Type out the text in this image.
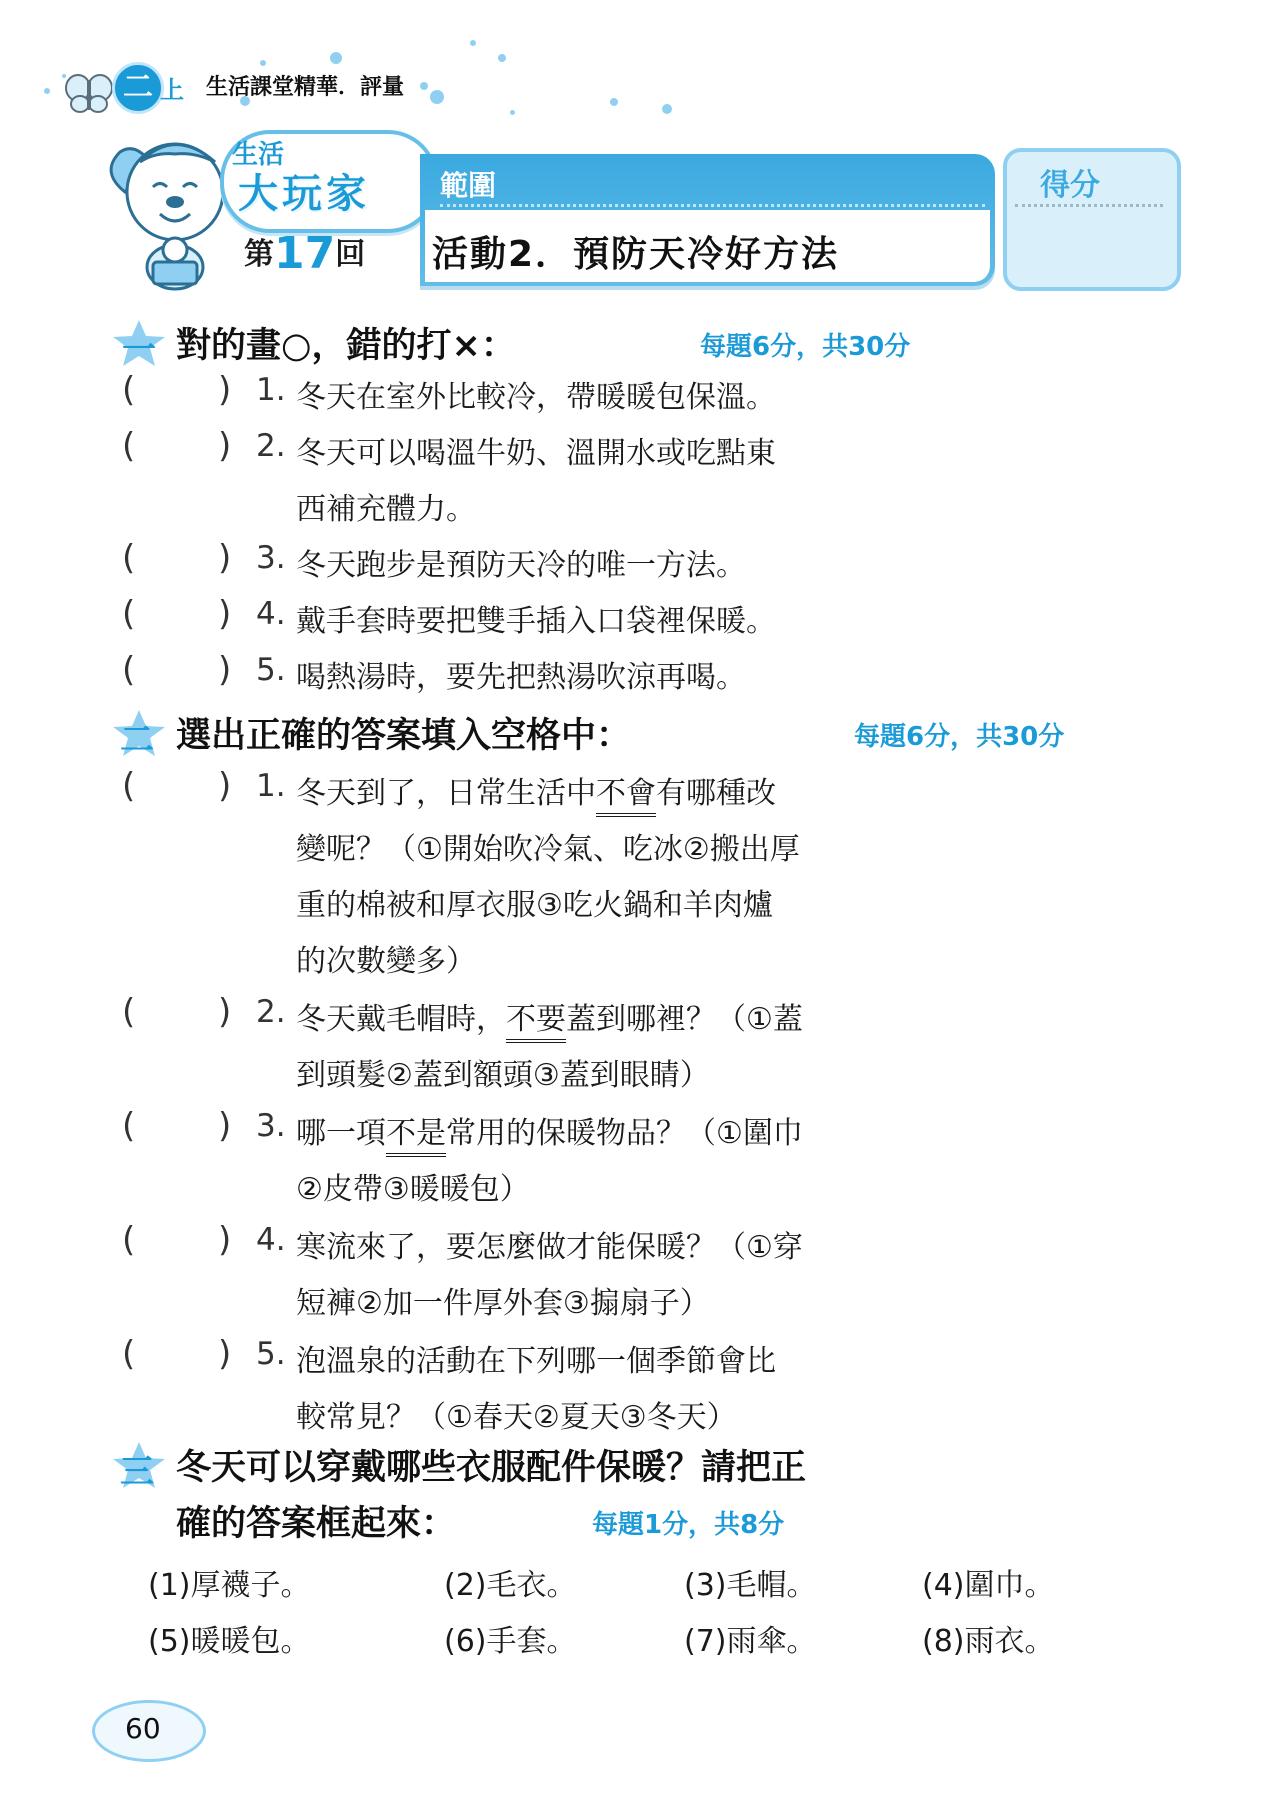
二 上 生活課堂精華．評量
生活
大玩家
第17回
範圍
活動2．預防天冷好方法
得分
一 對的畫○，錯的打×：	每題6分，共30分
( ) 1. 冬天在室外比較冷，帶暖暖包保溫。
( ) 2. 冬天可以喝溫牛奶、溫開水或吃點東
西補充體力。
( ) 3. 冬天跑步是預防天冷的唯一方法。
( ) 4. 戴手套時要把雙手插入口袋裡保暖。
( ) 5. 喝熱湯時，要先把熱湯吹涼再喝。
二 選出正確的答案填入空格中：	每題6分，共30分
( ) 1. 冬天到了，日常生活中不會有哪種改
變呢？（①開始吹冷氣、吃冰②搬出厚
重的棉被和厚衣服③吃火鍋和羊肉爐
的次數變多）
( ) 2. 冬天戴毛帽時，不要蓋到哪裡？（①蓋
到頭髮②蓋到額頭③蓋到眼睛）
( ) 3. 哪一項不是常用的保暖物品？（①圍巾
②皮帶③暖暖包）
( ) 4. 寒流來了，要怎麼做才能保暖？（①穿
短褲②加一件厚外套③搧扇子）
( ) 5. 泡溫泉的活動在下列哪一個季節會比
較常見？（①春天②夏天③冬天）
三 冬天可以穿戴哪些衣服配件保暖？請把正
確的答案框起來：	每題1分，共8分
(1)厚襪子。	(2)毛衣。	(3)毛帽。	(4)圍巾。
(5)暖暖包。	(6)手套。	(7)雨傘。	(8)雨衣。
60
